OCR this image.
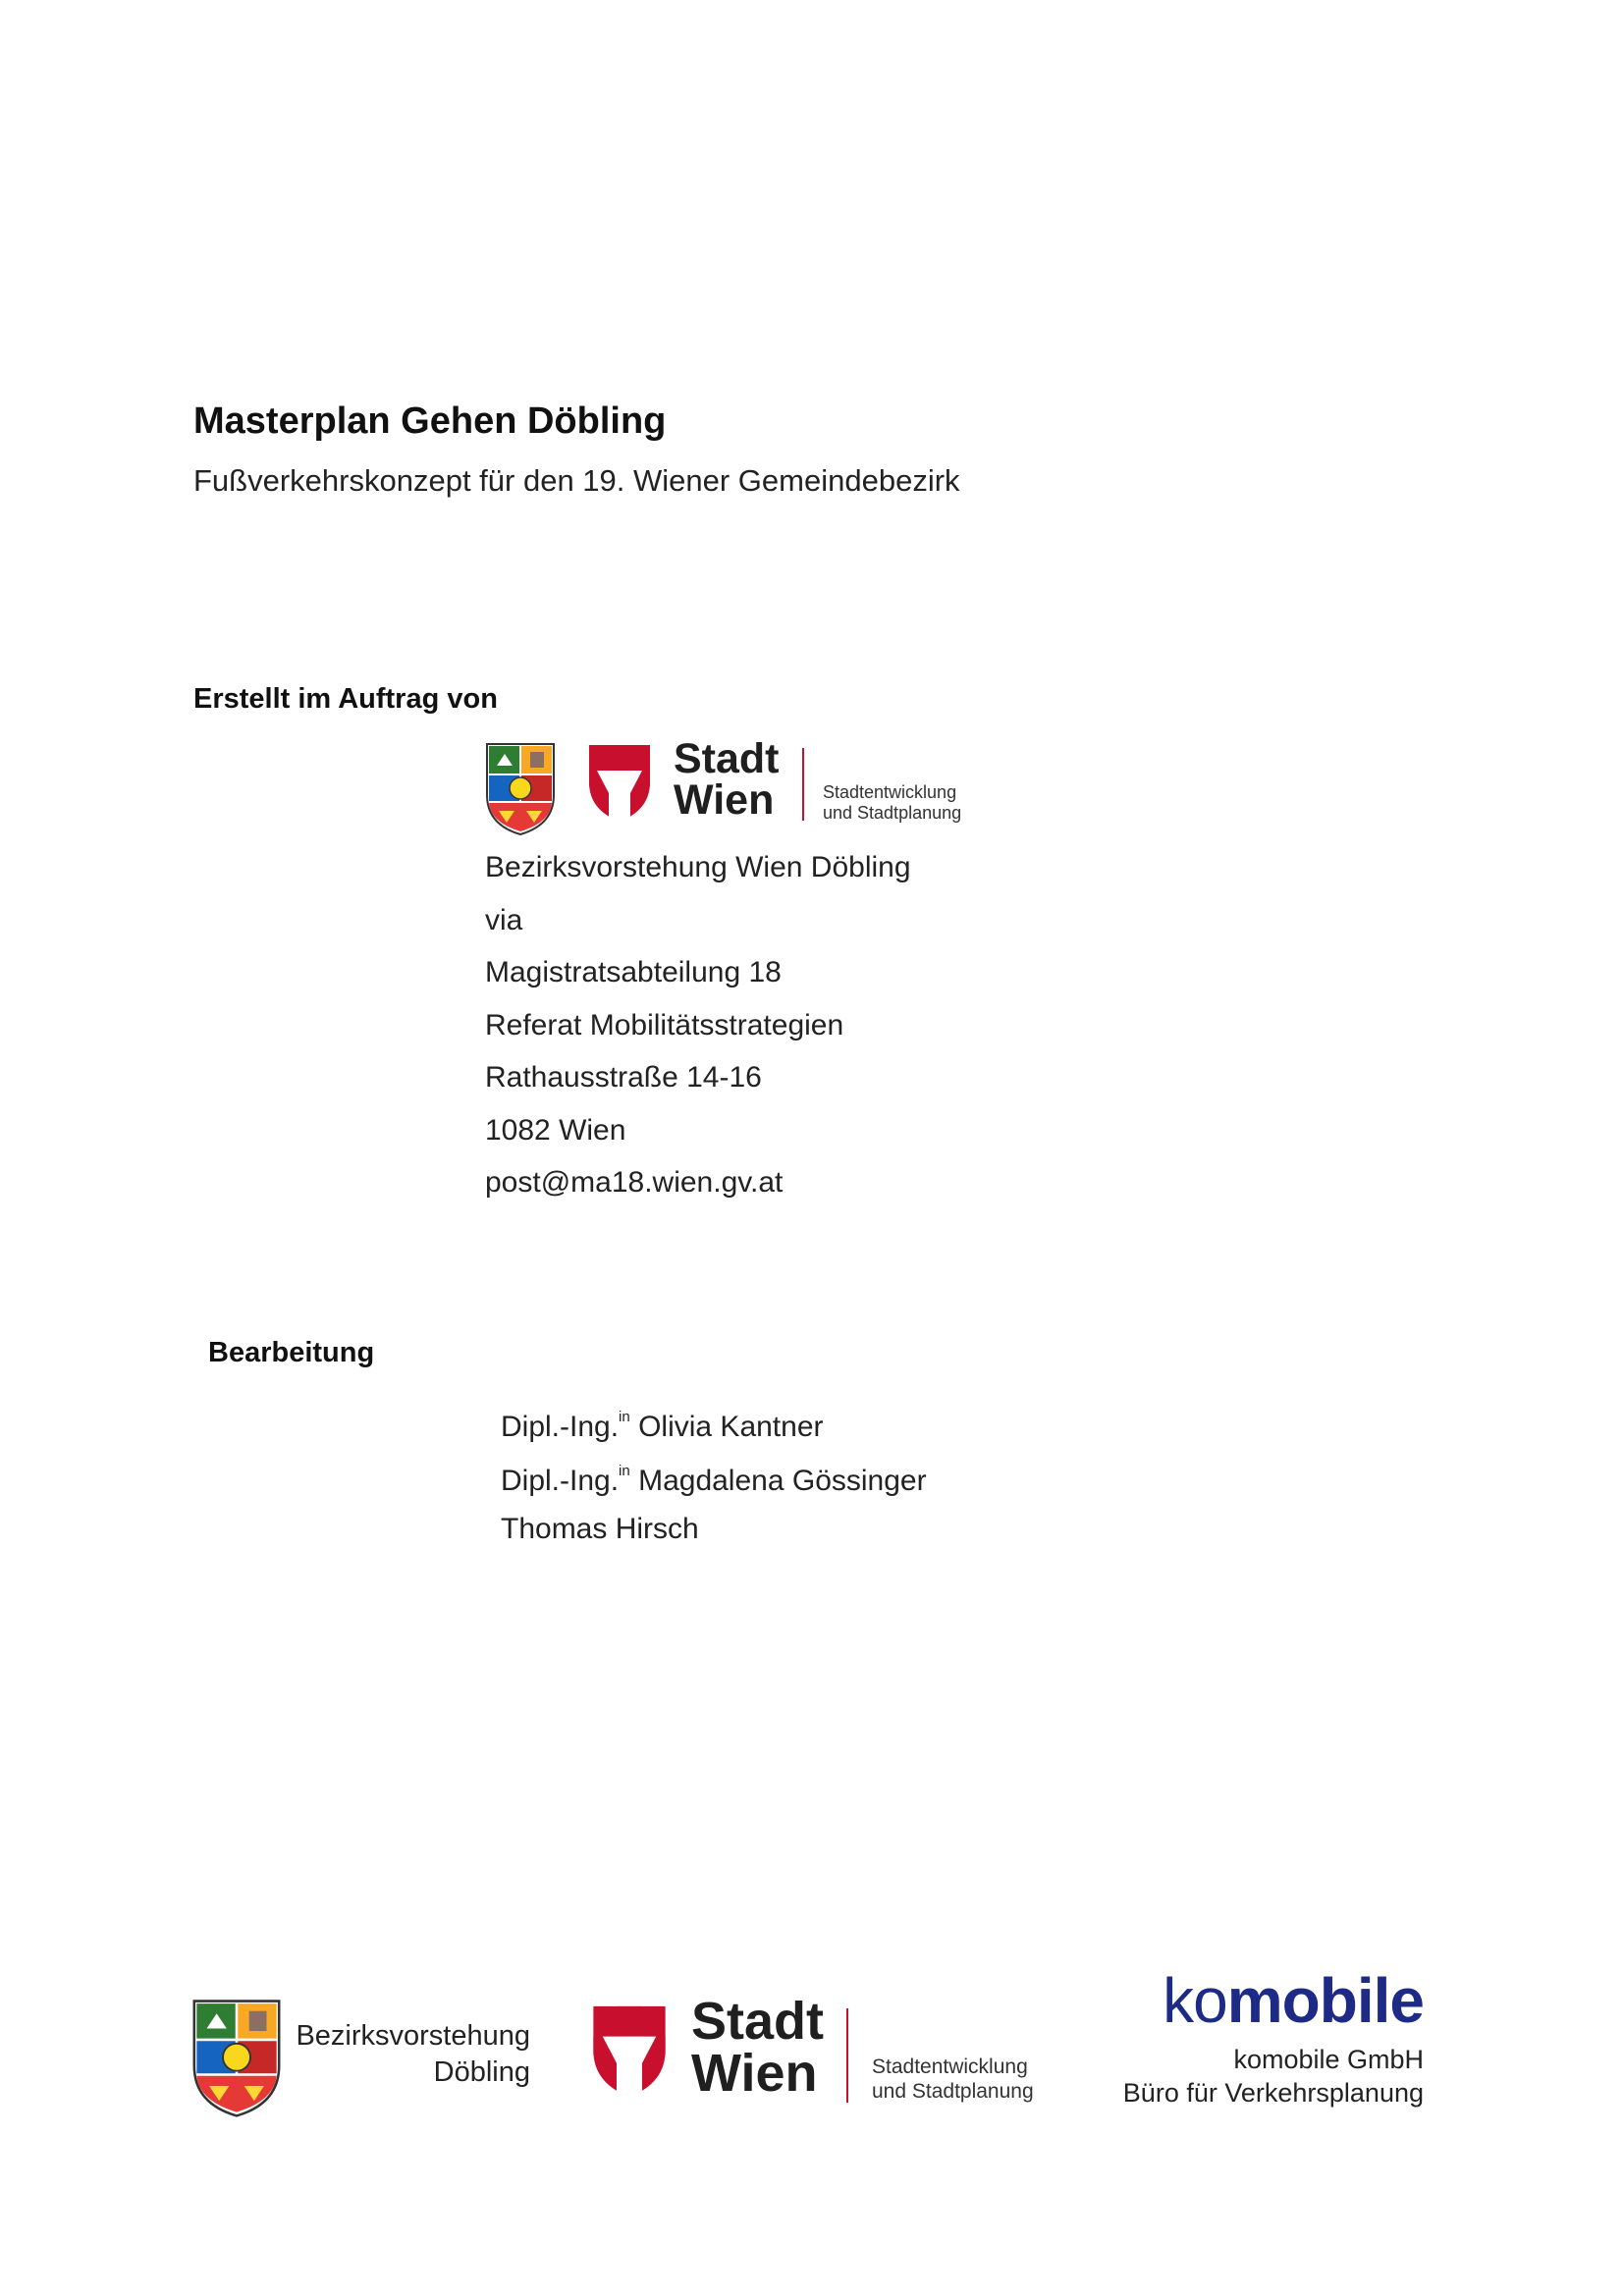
Masterplan Gehen Döbling
Fußverkehrskonzept für den 19. Wiener Gemeindebezirk
Erstellt im Auftrag von
Stadt
Wien	Stadtentwicklung
und Stadtplanung
Bezirksvorstehung Wien Döbling
via
Magistratsabteilung 18
Referat Mobilitätsstrategien
Rathausstraße 14-16
1082 Wien
post@ma18.wien.gv.at
Bearbeitung
Dipl.-Ing.$^{in}$ Olivia Kantner
Dipl.-Ing.$^{in}$ Magdalena Gössinger
Thomas Hirsch
Bezirksvorstehung
Döbling
Stadt
Wien	Stadtentwicklung
und Stadtplanung
komobile
komobile GmbH
Büro für Verkehrsplanung
